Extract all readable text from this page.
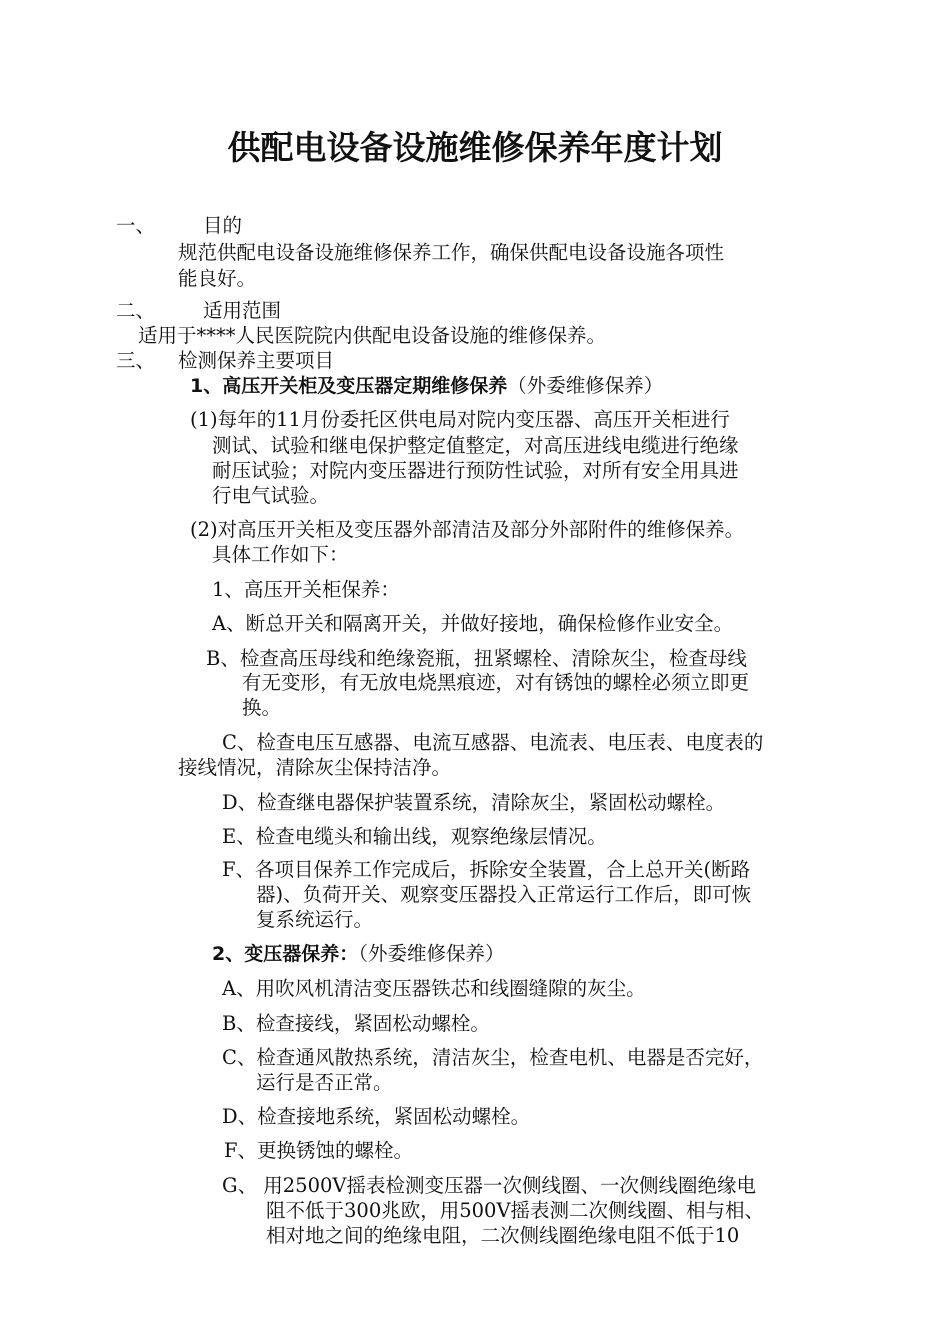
供配电设备设施维修保养年度计划
一、 目的
规范供配电设备设施维修保养工作，确保供配电设备设施各项性
能良好。
二、 适用范围
适用于****人民医院院内供配电设备设施的维修保养。
三、 检测保养主要项目
1、高压开关柜及变压器定期维修保养（外委维修保养）
(1)每年的11月份委托区供电局对院内变压器、高压开关柜进行
测试、试验和继电保护整定值整定，对高压进线电缆进行绝缘
耐压试验；对院内变压器进行预防性试验，对所有安全用具进
行电气试验。
(2)对高压开关柜及变压器外部清洁及部分外部附件的维修保养。
具体工作如下：
1、高压开关柜保养：
A、断总开关和隔离开关，并做好接地，确保检修作业安全。
B、检查高压母线和绝缘瓷瓶，扭紧螺栓、清除灰尘，检查母线
有无变形，有无放电烧黑痕迹，对有锈蚀的螺栓必须立即更
换。
C、检查电压互感器、电流互感器、电流表、电压表、电度表的
接线情况，清除灰尘保持洁净。
D、检查继电器保护装置系统，清除灰尘，紧固松动螺栓。
E、检查电缆头和输出线，观察绝缘层情况。
F、各项目保养工作完成后，拆除安全装置，合上总开关(断路
器)、负荷开关、观察变压器投入正常运行工作后，即可恢
复系统运行。
2、变压器保养：（外委维修保养）
A、用吹风机清洁变压器铁芯和线圈缝隙的灰尘。
B、检查接线，紧固松动螺栓。
C、检查通风散热系统，清洁灰尘，检查电机、电器是否完好，
运行是否正常。
D、检查接地系统，紧固松动螺栓。
F、更换锈蚀的螺栓。
G、 用2500V摇表检测变压器一次侧线圈、一次侧线圈绝缘电
阻不低于300兆欧，用500V摇表测二次侧线圈、相与相、
相对地之间的绝缘电阻，二次侧线圈绝缘电阻不低于10
